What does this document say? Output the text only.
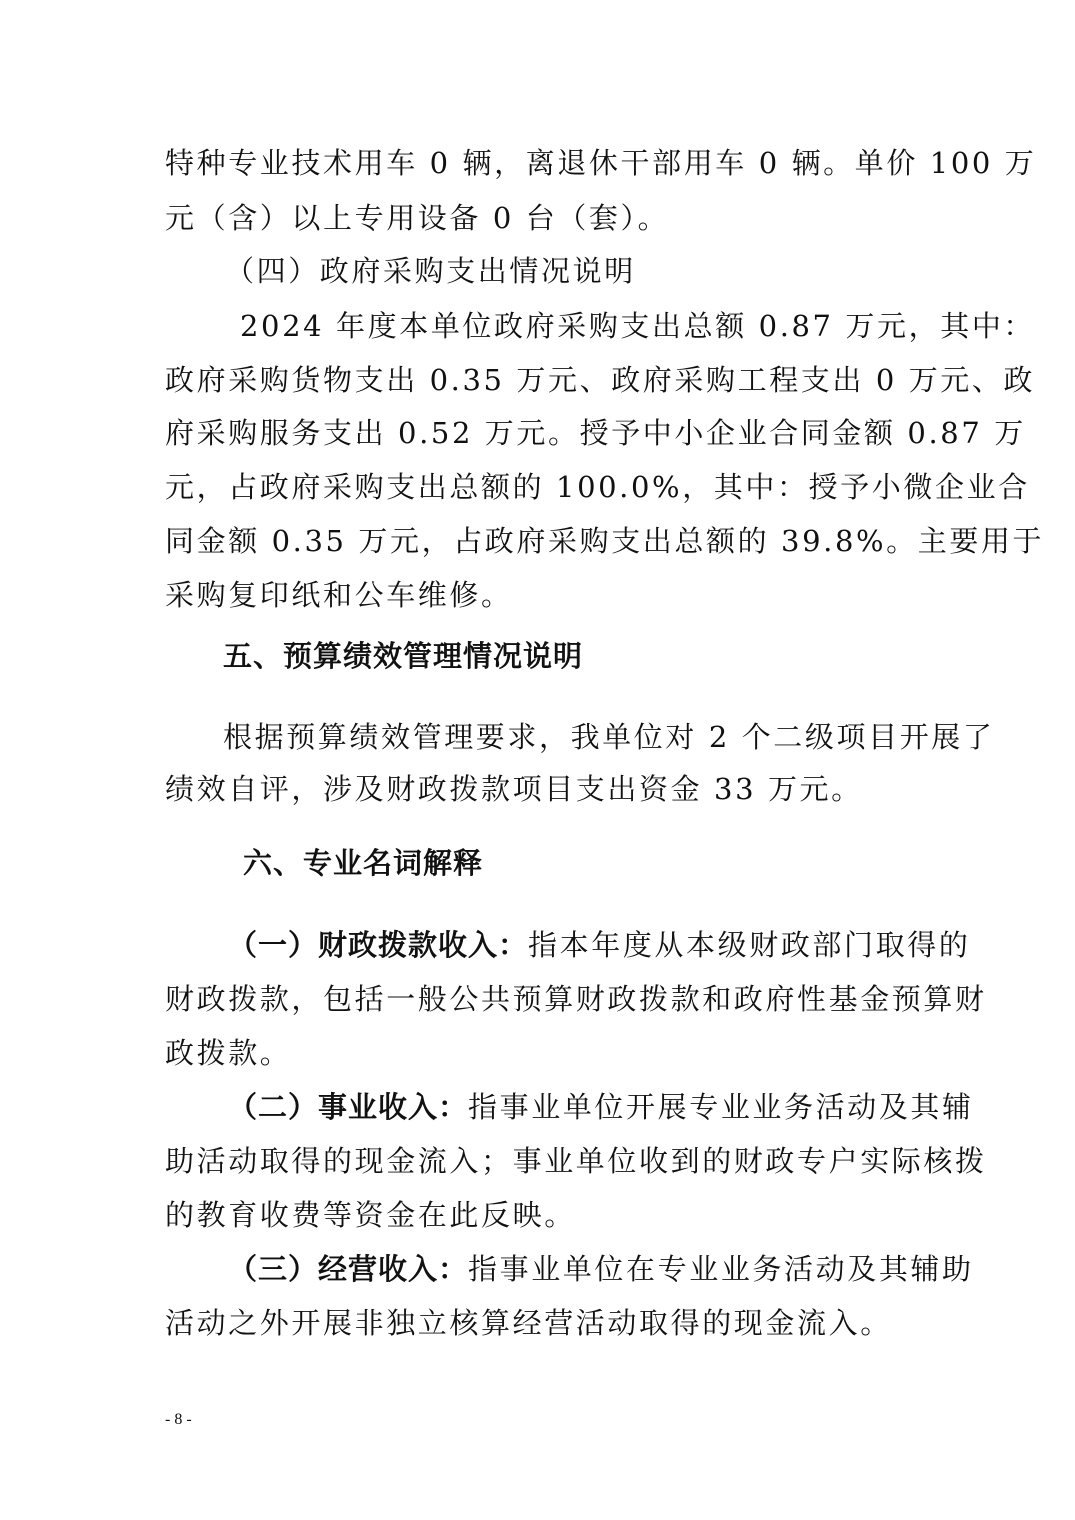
特种专业技术用车 0 辆，离退休干部用车 0 辆。单价 100 万
元（含）以上专用设备 0 台（套）。
（四）政府采购支出情况说明
2024 年度本单位政府采购支出总额 0.87 万元，其中：
政府采购货物支出 0.35 万元、政府采购工程支出 0 万元、政
府采购服务支出 0.52 万元。授予中小企业合同金额 0.87 万
元，占政府采购支出总额的 100.0%，其中：授予小微企业合
同金额 0.35 万元，占政府采购支出总额的 39.8%。主要用于
采购复印纸和公车维修。
五、预算绩效管理情况说明
根据预算绩效管理要求，我单位对 2 个二级项目开展了
绩效自评，涉及财政拨款项目支出资金 33 万元。
六、专业名词解释
（一）财政拨款收入：指本年度从本级财政部门取得的
财政拨款，包括一般公共预算财政拨款和政府性基金预算财
政拨款。
（二）事业收入：指事业单位开展专业业务活动及其辅
助活动取得的现金流入；事业单位收到的财政专户实际核拨
的教育收费等资金在此反映。
（三）经营收入：指事业单位在专业业务活动及其辅助
活动之外开展非独立核算经营活动取得的现金流入。
- 8 -
